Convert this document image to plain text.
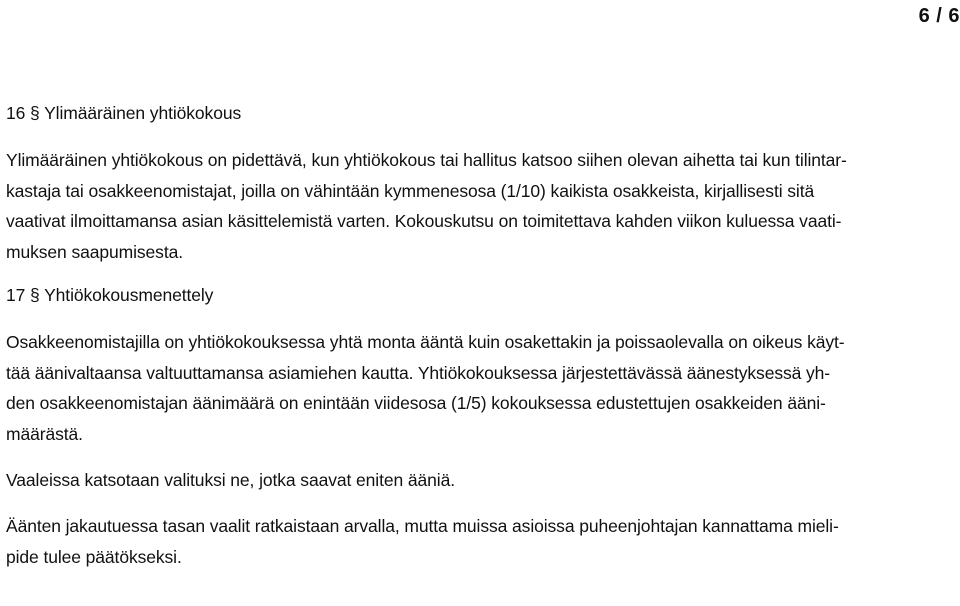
6 / 6
16 § Ylimääräinen yhtiökokous

Ylimääräinen yhtiökokous on pidettävä, kun yhtiökokous tai hallitus katsoo siihen olevan aihetta tai kun tilintar-
kastaja tai osakkeenomistajat, joilla on vähintään kymmenesosa (1/10) kaikista osakkeista, kirjallisesti sitä
vaativat ilmoittamansa asian käsittelemistä varten. Kokouskutsu on toimitettava kahden viikon kuluessa vaati-
muksen saapumisesta.

17 § Yhtiökokousmenettely

Osakkeenomistajilla on yhtiökokouksessa yhtä monta ääntä kuin osakettakin ja poissaolevalla on oikeus käyt-
tää äänivaltaansa valtuuttamansa asiamiehen kautta. Yhtiökokouksessa järjestettävässä äänestyksessä yh-
den osakkeenomistajan äänimäärä on enintään viidesosa (1/5) kokouksessa edustettujen osakkeiden ääni-
määrästä.

Vaaleissa katsotaan valituksi ne, jotka saavat eniten ääniä.

Äänten jakautuessa tasan vaalit ratkaistaan arvalla, mutta muissa asioissa puheenjohtajan kannattama mieli-
pide tulee päätökseksi.
